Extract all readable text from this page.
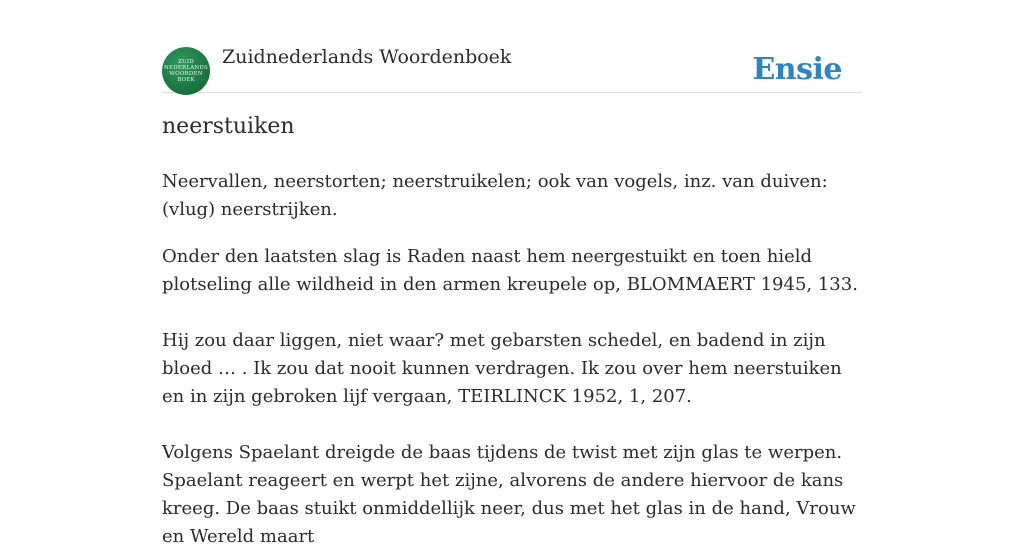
ZUID
NEDERLANDS
WOORDEN
BOEK
Zuidnederlands Woordenboek	Ensie
neerstuiken
Neervallen, neerstorten; neerstruikelen; ook van vogels, inz. van duiven: (vlug) neerstrijken.
Onder den laatsten slag is Raden naast hem neergestuikt en toen hield plotseling alle wildheid in den armen kreupele op, BLOMMAERT 1945, 133.
Hij zou daar liggen, niet waar? met gebarsten schedel, en badend in zijn bloed … . Ik zou dat nooit kunnen verdragen. Ik zou over hem neerstuiken en in zijn gebroken lijf vergaan, TEIRLINCK 1952, 1, 207.
Volgens Spaelant dreigde de baas tijdens de twist met zijn glas te werpen. Spaelant reageert en werpt het zijne, alvorens de andere hiervoor de kans kreeg. De baas stuikt onmiddellijk neer, dus met het glas in de hand, Vrouw en Wereld maart
